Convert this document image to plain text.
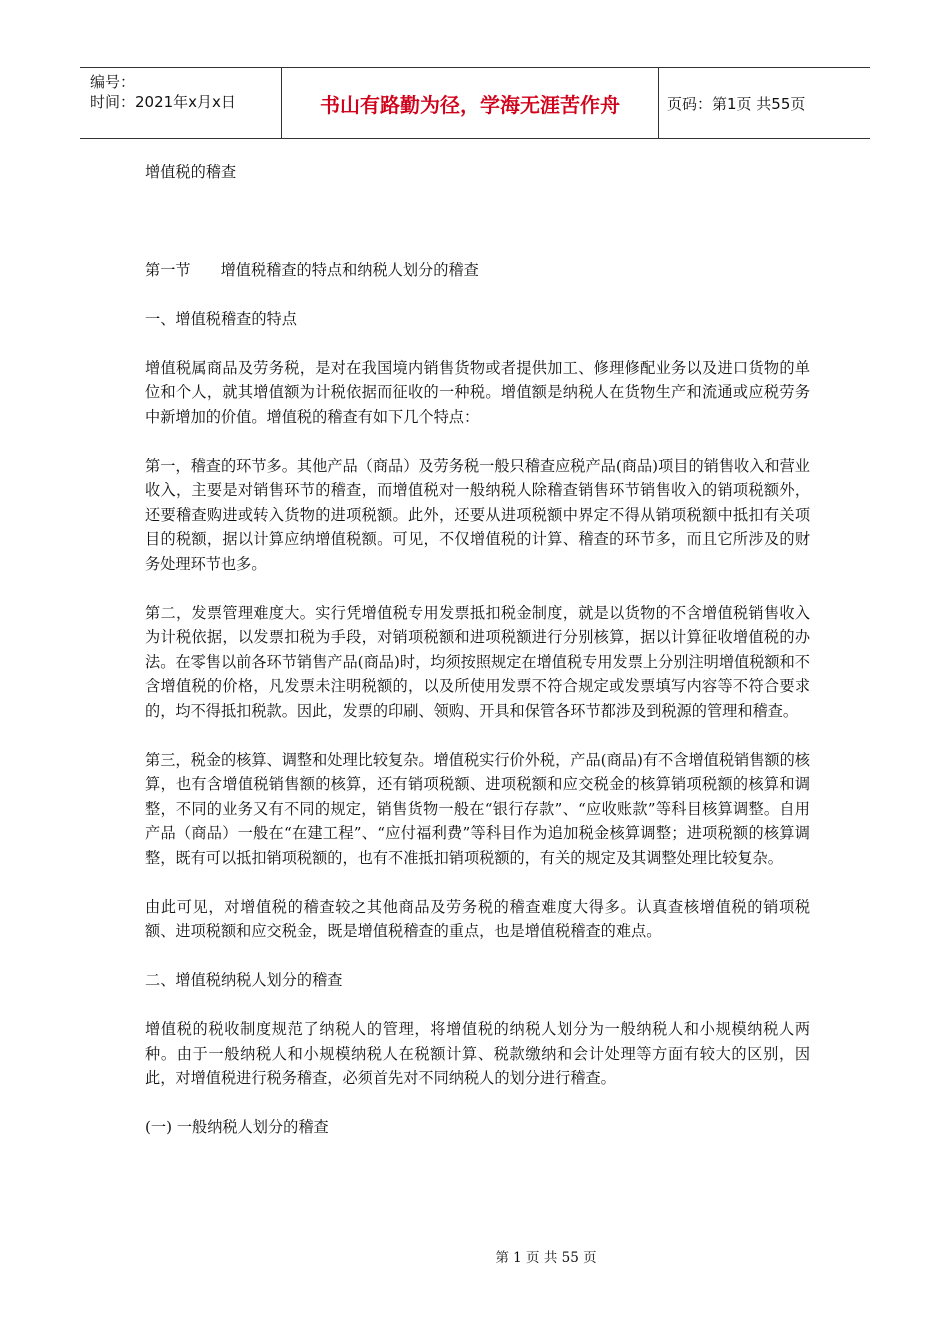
编号：
时间：2021年x月x日	书山有路勤为径，学海无涯苦作舟	页码：第1页 共55页

增值税的稽查

第一节 增值税稽查的特点和纳税人划分的稽查

一、增值税稽查的特点

增值税属商品及劳务税，是对在我国境内销售货物或者提供加工、修理修配业务以及进口货物的单位和个人，就其增值额为计税依据而征收的一种税。增值额是纳税人在货物生产和流通或应税劳务中新增加的价值。增值税的稽查有如下几个特点：

第一，稽查的环节多。其他产品（商品）及劳务税一般只稽查应税产品(商品)项目的销售收入和营业收入，主要是对销售环节的稽查，而增值税对一般纳税人除稽查销售环节销售收入的销项税额外，还要稽查购进或转入货物的进项税额。此外，还要从进项税额中界定不得从销项税额中抵扣有关项目的税额，据以计算应纳增值税额。可见，不仅增值税的计算、稽查的环节多，而且它所涉及的财务处理环节也多。

第二，发票管理难度大。实行凭增值税专用发票抵扣税金制度，就是以货物的不含增值税销售收入为计税依据，以发票扣税为手段，对销项税额和进项税额进行分别核算，据以计算征收增值税的办法。在零售以前各环节销售产品(商品)时，均须按照规定在增值税专用发票上分别注明增值税额和不含增值税的价格，凡发票未注明税额的，以及所使用发票不符合规定或发票填写内容等不符合要求的，均不得抵扣税款。因此，发票的印刷、领购、开具和保管各环节都涉及到税源的管理和稽查。

第三，税金的核算、调整和处理比较复杂。增值税实行价外税，产品(商品)有不含增值税销售额的核算，也有含增值税销售额的核算，还有销项税额、进项税额和应交税金的核算销项税额的核算和调整，不同的业务又有不同的规定，销售货物一般在“银行存款”、“应收账款”等科目核算调整。自用产品（商品）一般在“在建工程”、“应付福利费”等科目作为追加税金核算调整；进项税额的核算调整，既有可以抵扣销项税额的，也有不准抵扣销项税额的，有关的规定及其调整处理比较复杂。

由此可见，对增值税的稽查较之其他商品及劳务税的稽查难度大得多。认真查核增值税的销项税额、进项税额和应交税金，既是增值税稽查的重点，也是增值税稽查的难点。

二、增值税纳税人划分的稽查

增值税的税收制度规范了纳税人的管理，将增值税的纳税人划分为一般纳税人和小规模纳税人两种。由于一般纳税人和小规模纳税人在税额计算、税款缴纳和会计处理等方面有较大的区别，因此，对增值税进行税务稽查，必须首先对不同纳税人的划分进行稽查。

(一) 一般纳税人划分的稽查

第 1 页 共 55 页
